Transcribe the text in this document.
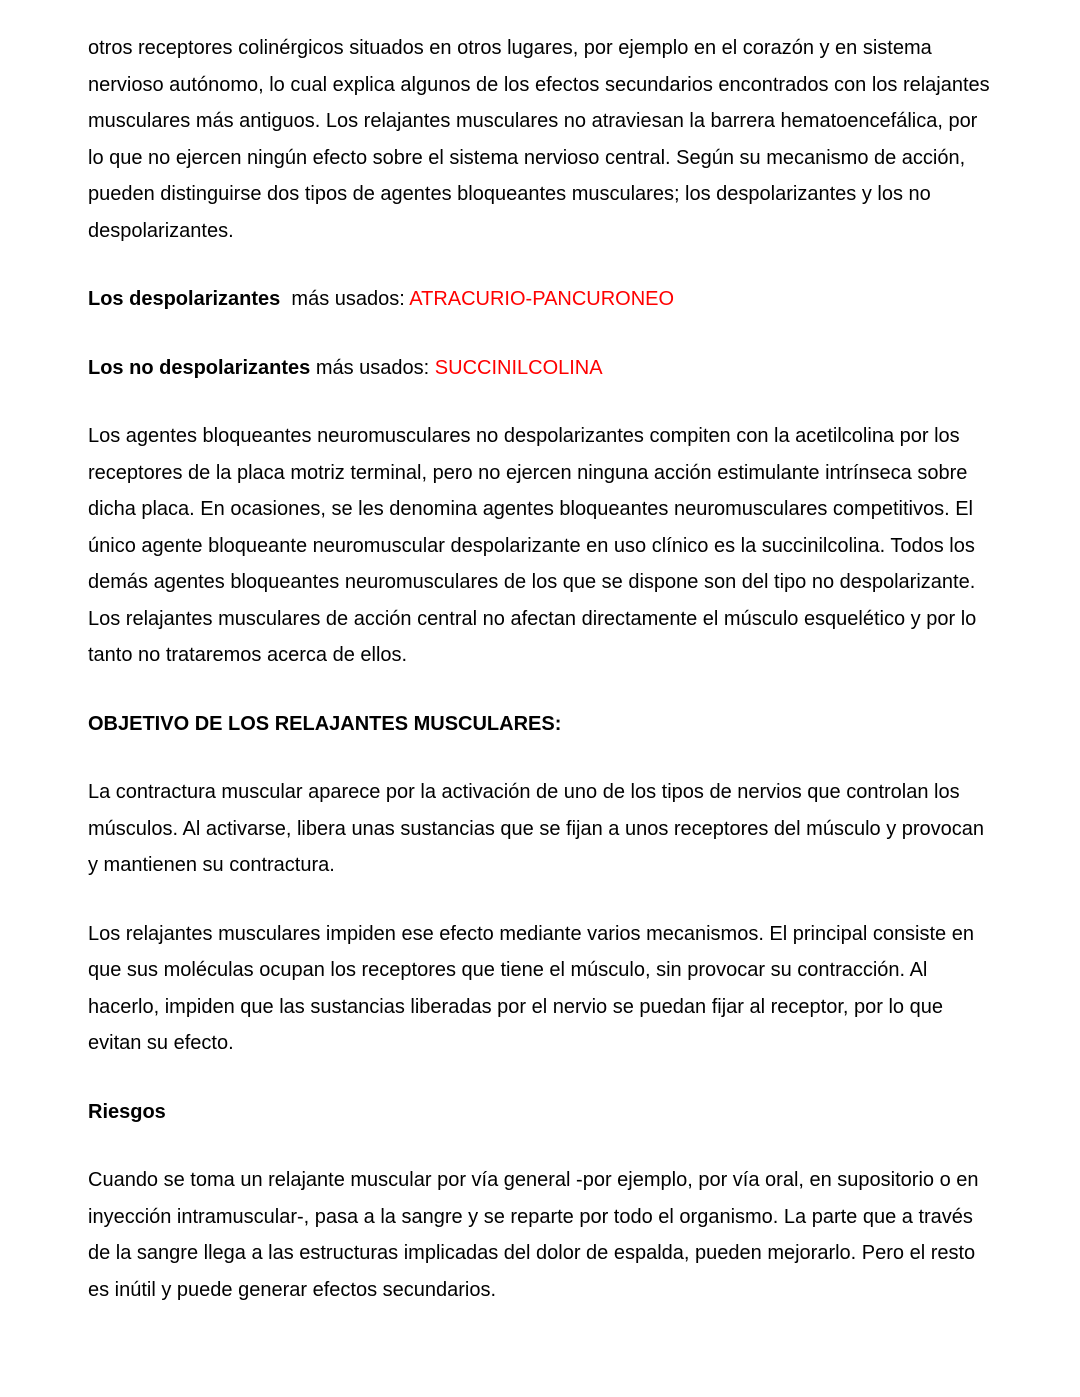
otros receptores colinérgicos situados en otros lugares, por ejemplo en el corazón y en sistema nervioso autónomo, lo cual explica algunos de los efectos secundarios encontrados con los relajantes musculares más antiguos. Los relajantes musculares no atraviesan la barrera hematoencefálica, por lo que no ejercen ningún efecto sobre el sistema nervioso central. Según su mecanismo de acción, pueden distinguirse dos tipos de agentes bloqueantes musculares; los despolarizantes y los no despolarizantes.

Los despolarizantes más usados: ATRACURIO-PANCURONEO

Los no despolarizantes más usados: SUCCINILCOLINA

Los agentes bloqueantes neuromusculares no despolarizantes compiten con la acetilcolina por los receptores de la placa motriz terminal, pero no ejercen ninguna acción estimulante intrínseca sobre dicha placa. En ocasiones, se les denomina agentes bloqueantes neuromusculares competitivos. El único agente bloqueante neuromuscular despolarizante en uso clínico es la succinilcolina. Todos los demás agentes bloqueantes neuromusculares de los que se dispone son del tipo no despolarizante. Los relajantes musculares de acción central no afectan directamente el músculo esquelético y por lo tanto no trataremos acerca de ellos.

OBJETIVO DE LOS RELAJANTES MUSCULARES:

La contractura muscular aparece por la activación de uno de los tipos de nervios que controlan los músculos. Al activarse, libera unas sustancias que se fijan a unos receptores del músculo y provocan y mantienen su contractura.

Los relajantes musculares impiden ese efecto mediante varios mecanismos. El principal consiste en que sus moléculas ocupan los receptores que tiene el músculo, sin provocar su contracción. Al hacerlo, impiden que las sustancias liberadas por el nervio se puedan fijar al receptor, por lo que evitan su efecto.

Riesgos

Cuando se toma un relajante muscular por vía general -por ejemplo, por vía oral, en supositorio o en inyección intramuscular-, pasa a la sangre y se reparte por todo el organismo. La parte que a través de la sangre llega a las estructuras implicadas del dolor de espalda, pueden mejorarlo. Pero el resto es inútil y puede generar efectos secundarios.
